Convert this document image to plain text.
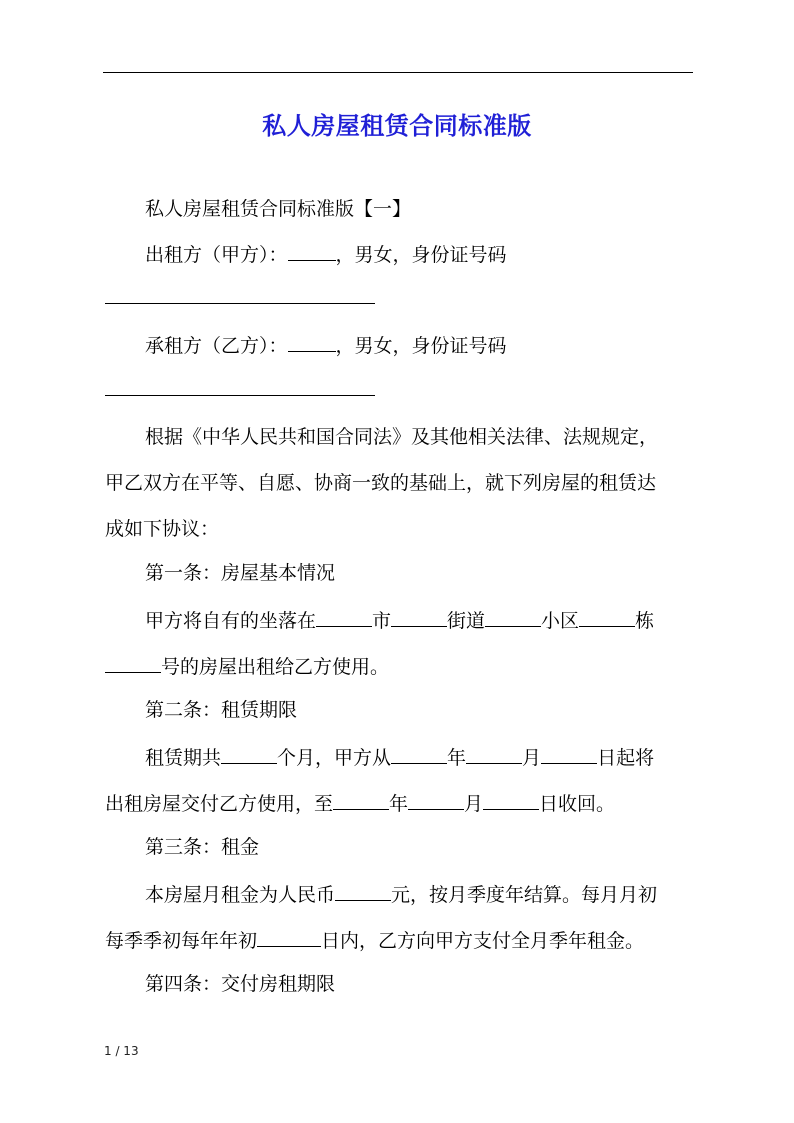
私人房屋租赁合同标准版
私人房屋租赁合同标准版【一】
出租方（甲方）：	，男女，身份证号码
承租方（乙方）：	，男女，身份证号码
根据《中华人民共和国合同法》及其他相关法律、法规规定，
甲乙双方在平等、自愿、协商一致的基础上，就下列房屋的租赁达
成如下协议：
第一条：房屋基本情况
甲方将自有的坐落在	市	街道	小区	栋
号的房屋出租给乙方使用。
第二条：租赁期限
租赁期共	个月，甲方从	年	月	日起将
出租房屋交付乙方使用，至	年	月	日收回。
第三条：租金
本房屋月租金为人民币	元，按月季度年结算。每月月初
每季季初每年年初	日内，乙方向甲方支付全月季年租金。
第四条：交付房租期限
1 / 13
